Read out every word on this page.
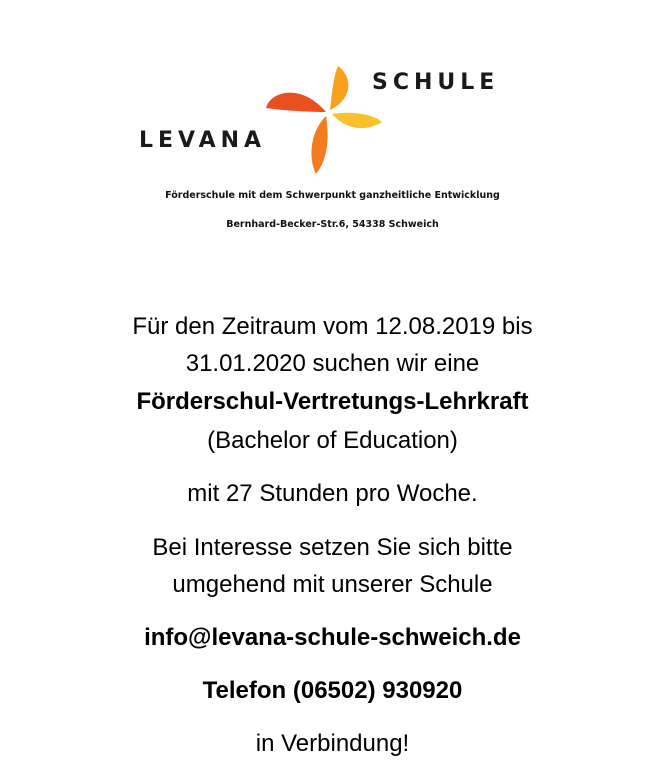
LEVANA
SCHULE
Förderschule mit dem Schwerpunkt ganzheitliche Entwicklung
Bernhard-Becker-Str.6, 54338 Schweich
Für den Zeitraum vom 12.08.2019 bis
31.01.2020 suchen wir eine
Förderschul-Vertretungs-Lehrkraft
(Bachelor of Education)
mit 27 Stunden pro Woche.
Bei Interesse setzen Sie sich bitte
umgehend mit unserer Schule
info@levana-schule-schweich.de
Telefon (06502) 930920
in Verbindung!
